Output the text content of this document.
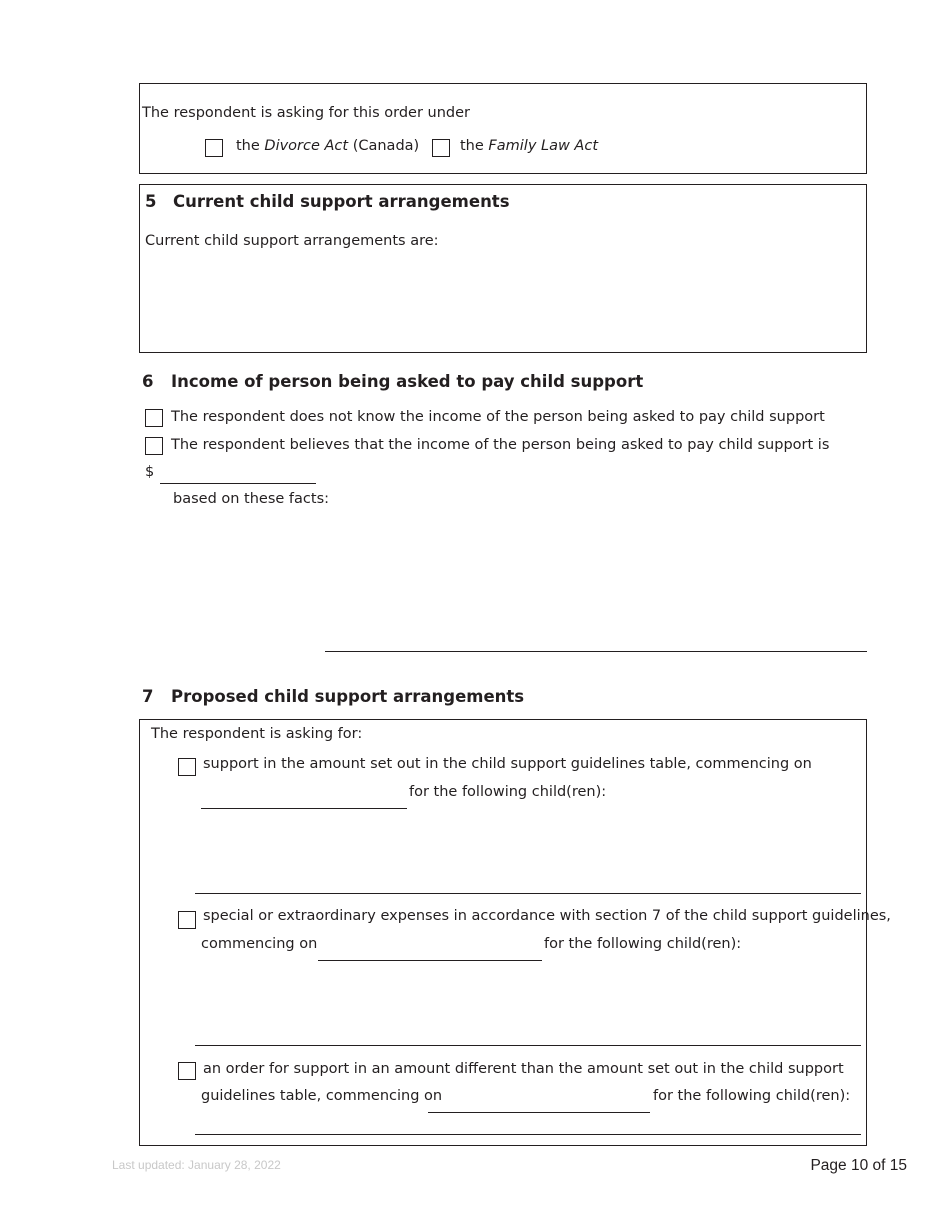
The respondent is asking for this order under
the Divorce Act (Canada)	the Family Law Act
5 Current child support arrangements
Current child support arrangements are:
6 Income of person being asked to pay child support
The respondent does not know the income of the person being asked to pay child support
The respondent believes that the income of the person being asked to pay child support is
$
based on these facts:
7 Proposed child support arrangements
The respondent is asking for:
support in the amount set out in the child support guidelines table, commencing on
for the following child(ren):
special or extraordinary expenses in accordance with section 7 of the child support guidelines,
commencing on	for the following child(ren):
an order for support in an amount different than the amount set out in the child support
guidelines table, commencing on	for the following child(ren):
Last updated: January 28, 2022	Page 10 of 15
